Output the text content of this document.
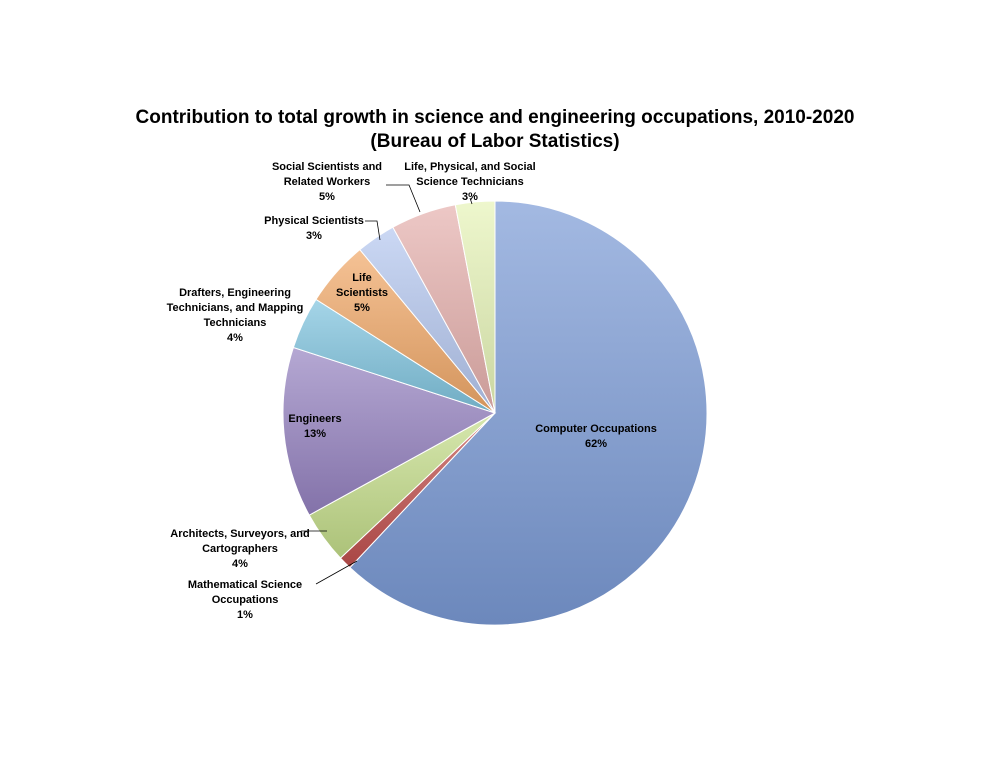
Contribution to total growth in science and engineering occupations, 2010-2020
(Bureau of Labor Statistics)
Computer Occupations
62%
Mathematical Science
Occupations
1%
Architects, Surveyors, and
Cartographers
4%
Engineers
13%
Drafters, Engineering
Technicians, and Mapping
Technicians
4%
Life
Scientists
5%
Physical Scientists
3%
Social Scientists and
Related Workers
5%
Life, Physical, and Social
Science Technicians
3%
